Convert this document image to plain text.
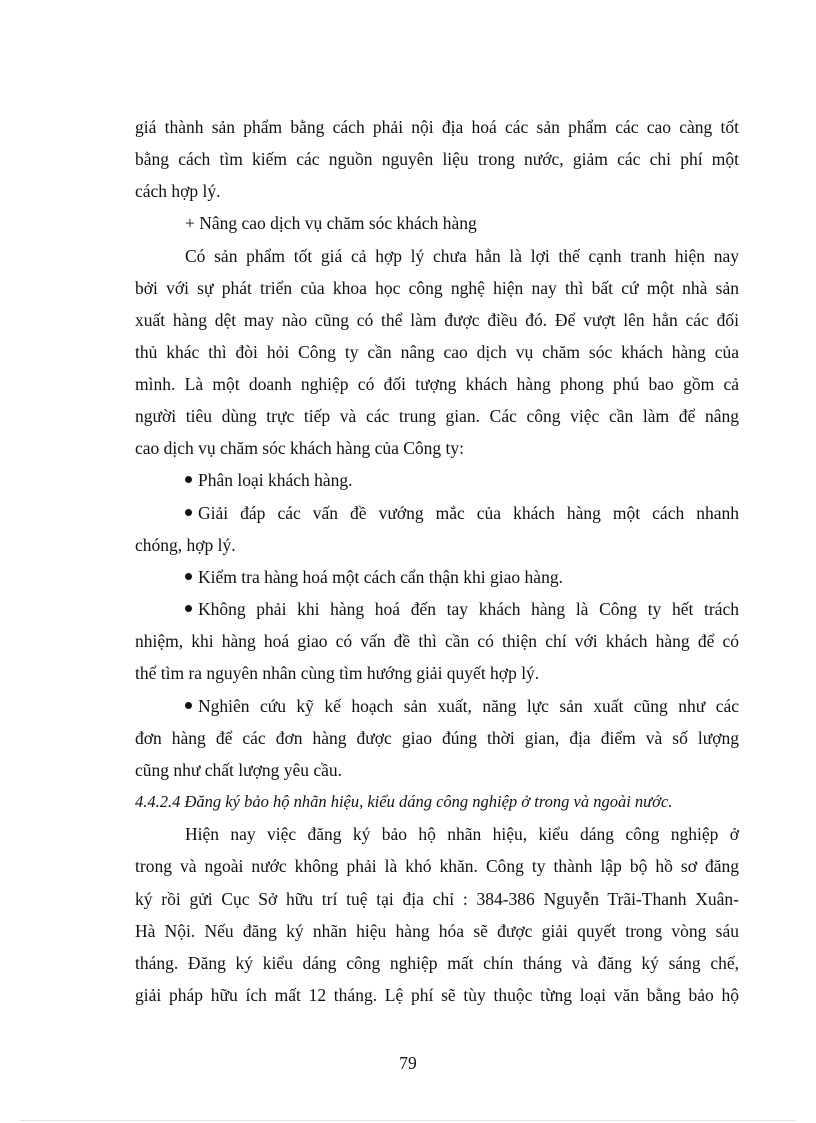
giá thành sản phẩm bằng cách phải nội địa hoá các sản phẩm các cao càng tốt
bằng cách tìm kiếm các nguồn nguyên liệu trong nước, giảm các chi phí một
cách hợp lý.
+ Nâng cao dịch vụ chăm sóc khách hàng
Có sản phẩm tốt giá cả hợp lý chưa hẳn là lợi thế cạnh tranh hiện nay
bởi với sự phát triển của khoa học công nghệ hiện nay thì bất cứ một nhà sản
xuất hàng dệt may nào cũng có thể làm được điều đó. Để vượt lên hẳn các đối
thủ khác thì đòi hỏi Công ty cần nâng cao dịch vụ chăm sóc khách hàng của
mình. Là một doanh nghiệp có đối tượng khách hàng phong phú bao gồm cả
người tiêu dùng trực tiếp và các trung gian. Các công việc cần làm để nâng
cao dịch vụ chăm sóc khách hàng của Công ty:
Phân loại khách hàng.
Giải đáp các vấn đề vướng mắc của khách hàng một cách nhanh
chóng, hợp lý.
Kiểm tra hàng hoá một cách cẩn thận khi giao hàng.
Không phải khi hàng hoá đến tay khách hàng là Công ty hết trách
nhiệm, khi hàng hoá giao có vấn đề thì cần có thiện chí với khách hàng để có
thể tìm ra nguyên nhân cùng tìm hướng giải quyết hợp lý.
Nghiên cứu kỹ kế hoạch sản xuất, năng lực sản xuất cũng như các
đơn hàng để các đơn hàng được giao đúng thời gian, địa điểm và số lượng
cũng như chất lượng yêu cầu.
4.4.2.4 Đăng ký bảo hộ nhãn hiệu, kiểu dáng công nghiệp ở trong và ngoài nước.
Hiện nay việc đăng ký bảo hộ nhãn hiệu, kiểu dáng công nghiệp ở
trong và ngoài nước không phải là khó khăn. Công ty thành lập bộ hồ sơ đăng
ký rồi gửi Cục Sở hữu trí tuệ tại địa chỉ : 384-386 Nguyễn Trãi-Thanh Xuân-
Hà Nội. Nếu đăng ký nhãn hiệu hàng hóa sẽ được giải quyết trong vòng sáu
tháng. Đăng ký kiểu dáng công nghiệp mất chín tháng và đăng ký sáng chế,
giải pháp hữu ích mất 12 tháng. Lệ phí sẽ tùy thuộc từng loại văn bằng bảo hộ
79
